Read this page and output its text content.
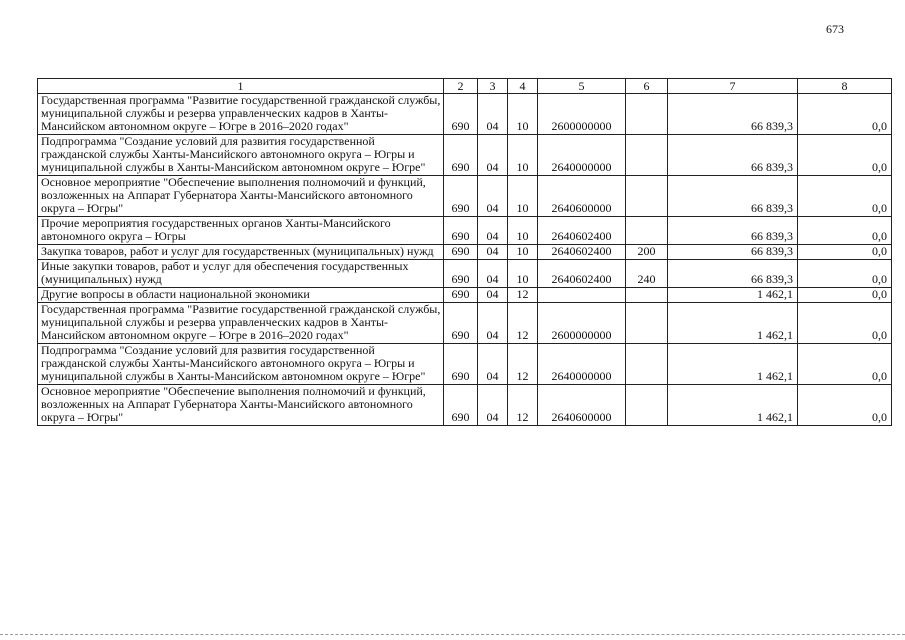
673
1	2	3	4	5	6	7	8
Государственная программа "Развитие государственной гражданской службы, муниципальной службы и резерва управленческих кадров в Ханты-Мансийском автономном округе – Югре в 2016–2020 годах"	690	04	10	2600000000		66 839,3	0,0
Подпрограмма "Создание условий для развития государственной гражданской службы Ханты-Мансийского автономного округа – Югры и муниципальной службы в Ханты-Мансийском автономном округе – Югре"	690	04	10	2640000000		66 839,3	0,0
Основное мероприятие "Обеспечение выполнения полномочий и функций, возложенных на Аппарат Губернатора Ханты-Мансийского автономного округа – Югры"	690	04	10	2640600000		66 839,3	0,0
Прочие мероприятия государственных органов Ханты-Мансийского автономного округа – Югры	690	04	10	2640602400		66 839,3	0,0
Закупка товаров, работ и услуг для государственных (муниципальных) нужд	690	04	10	2640602400	200	66 839,3	0,0
Иные закупки товаров, работ и услуг для обеспечения государственных (муниципальных) нужд	690	04	10	2640602400	240	66 839,3	0,0
Другие вопросы в области национальной экономики	690	04	12			1 462,1	0,0
Государственная программа "Развитие государственной гражданской службы, муниципальной службы и резерва управленческих кадров в Ханты-Мансийском автономном округе – Югре в 2016–2020 годах"	690	04	12	2600000000		1 462,1	0,0
Подпрограмма "Создание условий для развития государственной гражданской службы Ханты-Мансийского автономного округа – Югры и муниципальной службы в Ханты-Мансийском автономном округе – Югре"	690	04	12	2640000000		1 462,1	0,0
Основное мероприятие "Обеспечение выполнения полномочий и функций, возложенных на Аппарат Губернатора Ханты-Мансийского автономного округа – Югры"	690	04	12	2640600000		1 462,1	0,0
